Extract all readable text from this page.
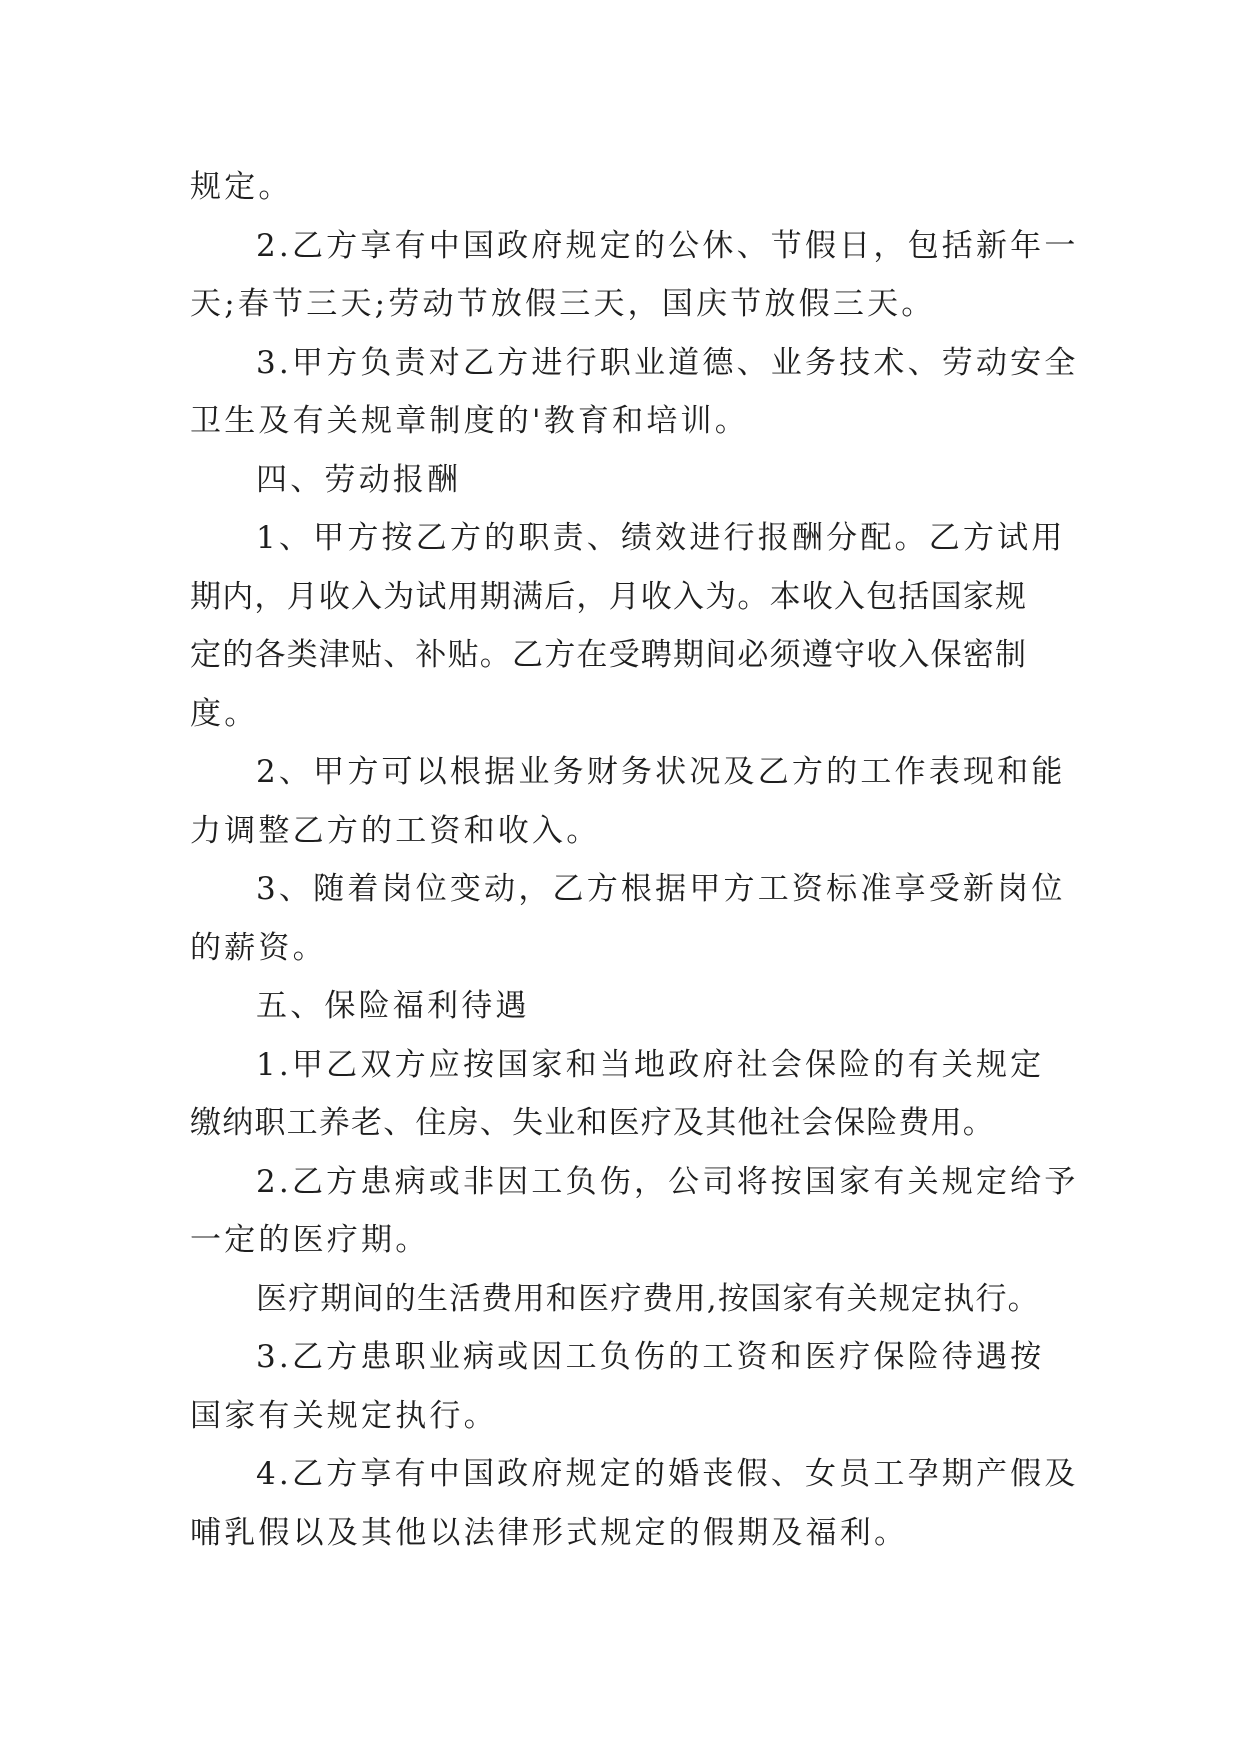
规定。

2.乙方享有中国政府规定的公休、节假日，包括新年一

天;春节三天;劳动节放假三天，国庆节放假三天。

3.甲方负责对乙方进行职业道德、业务技术、劳动安全

卫生及有关规章制度的'教育和培训。

四、劳动报酬

1、甲方按乙方的职责、绩效进行报酬分配。乙方试用

期内，月收入为试用期满后，月收入为。本收入包括国家规

定的各类津贴、补贴。乙方在受聘期间必须遵守收入保密制

度。

2、甲方可以根据业务财务状况及乙方的工作表现和能

力调整乙方的工资和收入。

3、随着岗位变动，乙方根据甲方工资标准享受新岗位

的薪资。

五、保险福利待遇

1.甲乙双方应按国家和当地政府社会保险的有关规定

缴纳职工养老、住房、失业和医疗及其他社会保险费用。

2.乙方患病或非因工负伤，公司将按国家有关规定给予

一定的医疗期。

医疗期间的生活费用和医疗费用,按国家有关规定执行。

3.乙方患职业病或因工负伤的工资和医疗保险待遇按

国家有关规定执行。

4.乙方享有中国政府规定的婚丧假、女员工孕期产假及

哺乳假以及其他以法律形式规定的假期及福利。
